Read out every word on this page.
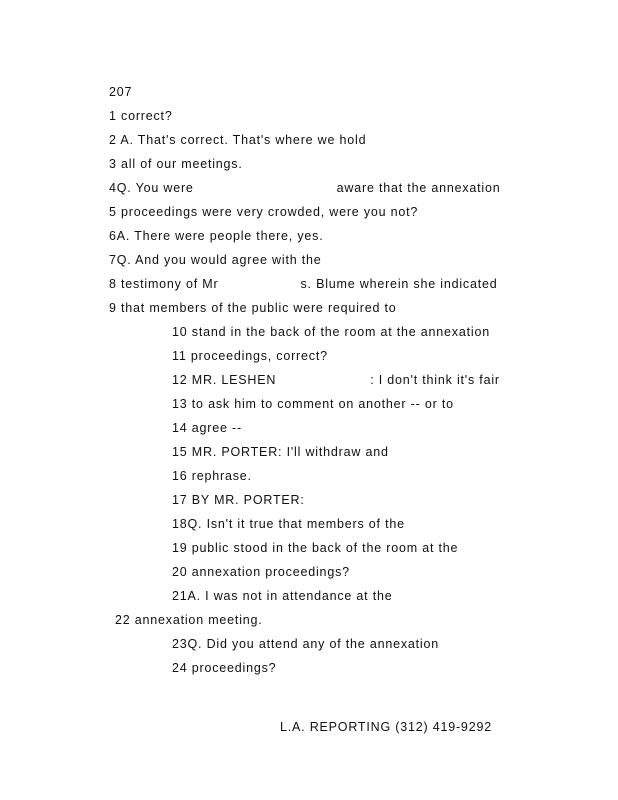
207
1 correct?
2 A. That's correct. That's where we hold
3 all of our meetings.
4Q. You were	aware that the annexation
5 proceedings were very crowded, were you not?
6A. There were people there, yes.
7Q. And you would agree with the
8 testimony of Mr	s. Blume wherein she indicated
9 that members of the public were required to
10 stand in the back of the room at the annexation
11 proceedings, correct?
12 MR. LESHEN	: I don't think it's fair
13 to ask him to comment on another -- or to
14 agree --
15 MR. PORTER: I'll withdraw and
16 rephrase.
17 BY MR. PORTER:
18Q. Isn't it true that members of the
19 public stood in the back of the room at the
20 annexation proceedings?
21A. I was not in attendance at the
22 annexation meeting.
23Q. Did you attend any of the annexation
24 proceedings?
L.A. REPORTING (312) 419-9292
